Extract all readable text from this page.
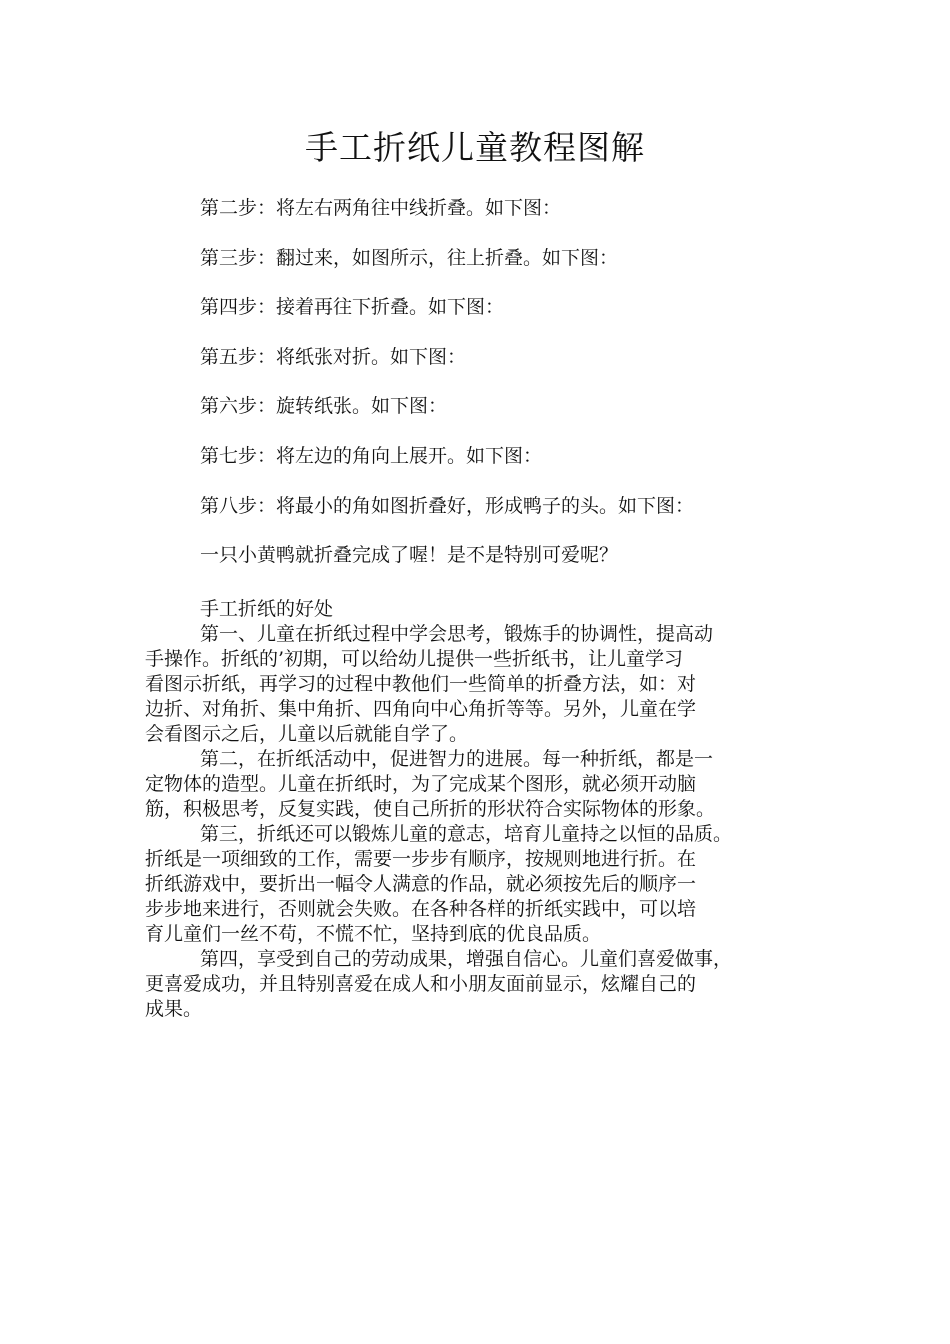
手工折纸儿童教程图解
第二步：将左右两角往中线折叠。如下图：
第三步：翻过来，如图所示，往上折叠。如下图：
第四步：接着再往下折叠。如下图：
第五步：将纸张对折。如下图：
第六步：旋转纸张。如下图：
第七步：将左边的角向上展开。如下图：
第八步：将最小的角如图折叠好，形成鸭子的头。如下图：
一只小黄鸭就折叠完成了喔！是不是特别可爱呢？
手工折纸的好处

第一、儿童在折纸过程中学会思考，锻炼手的协调性，提高动
手操作。折纸的’初期，可以给幼儿提供一些折纸书，让儿童学习
看图示折纸，再学习的过程中教他们一些简单的折叠方法，如：对
边折、对角折、集中角折、四角向中心角折等等。另外，儿童在学
会看图示之后，儿童以后就能自学了。

第二，在折纸活动中，促进智力的进展。每一种折纸，都是一
定物体的造型。儿童在折纸时，为了完成某个图形，就必须开动脑
筋，积极思考，反复实践，使自己所折的形状符合实际物体的形象。

第三，折纸还可以锻炼儿童的意志，培育儿童持之以恒的品质。
折纸是一项细致的工作，需要一步步有顺序，按规则地进行折。在
折纸游戏中，要折出一幅令人满意的作品，就必须按先后的顺序一
步步地来进行，否则就会失败。在各种各样的折纸实践中，可以培
育儿童们一丝不苟，不慌不忙，坚持到底的优良品质。

第四，享受到自己的劳动成果，增强自信心。儿童们喜爱做事，
更喜爱成功，并且特别喜爱在成人和小朋友面前显示，炫耀自己的
成果。
